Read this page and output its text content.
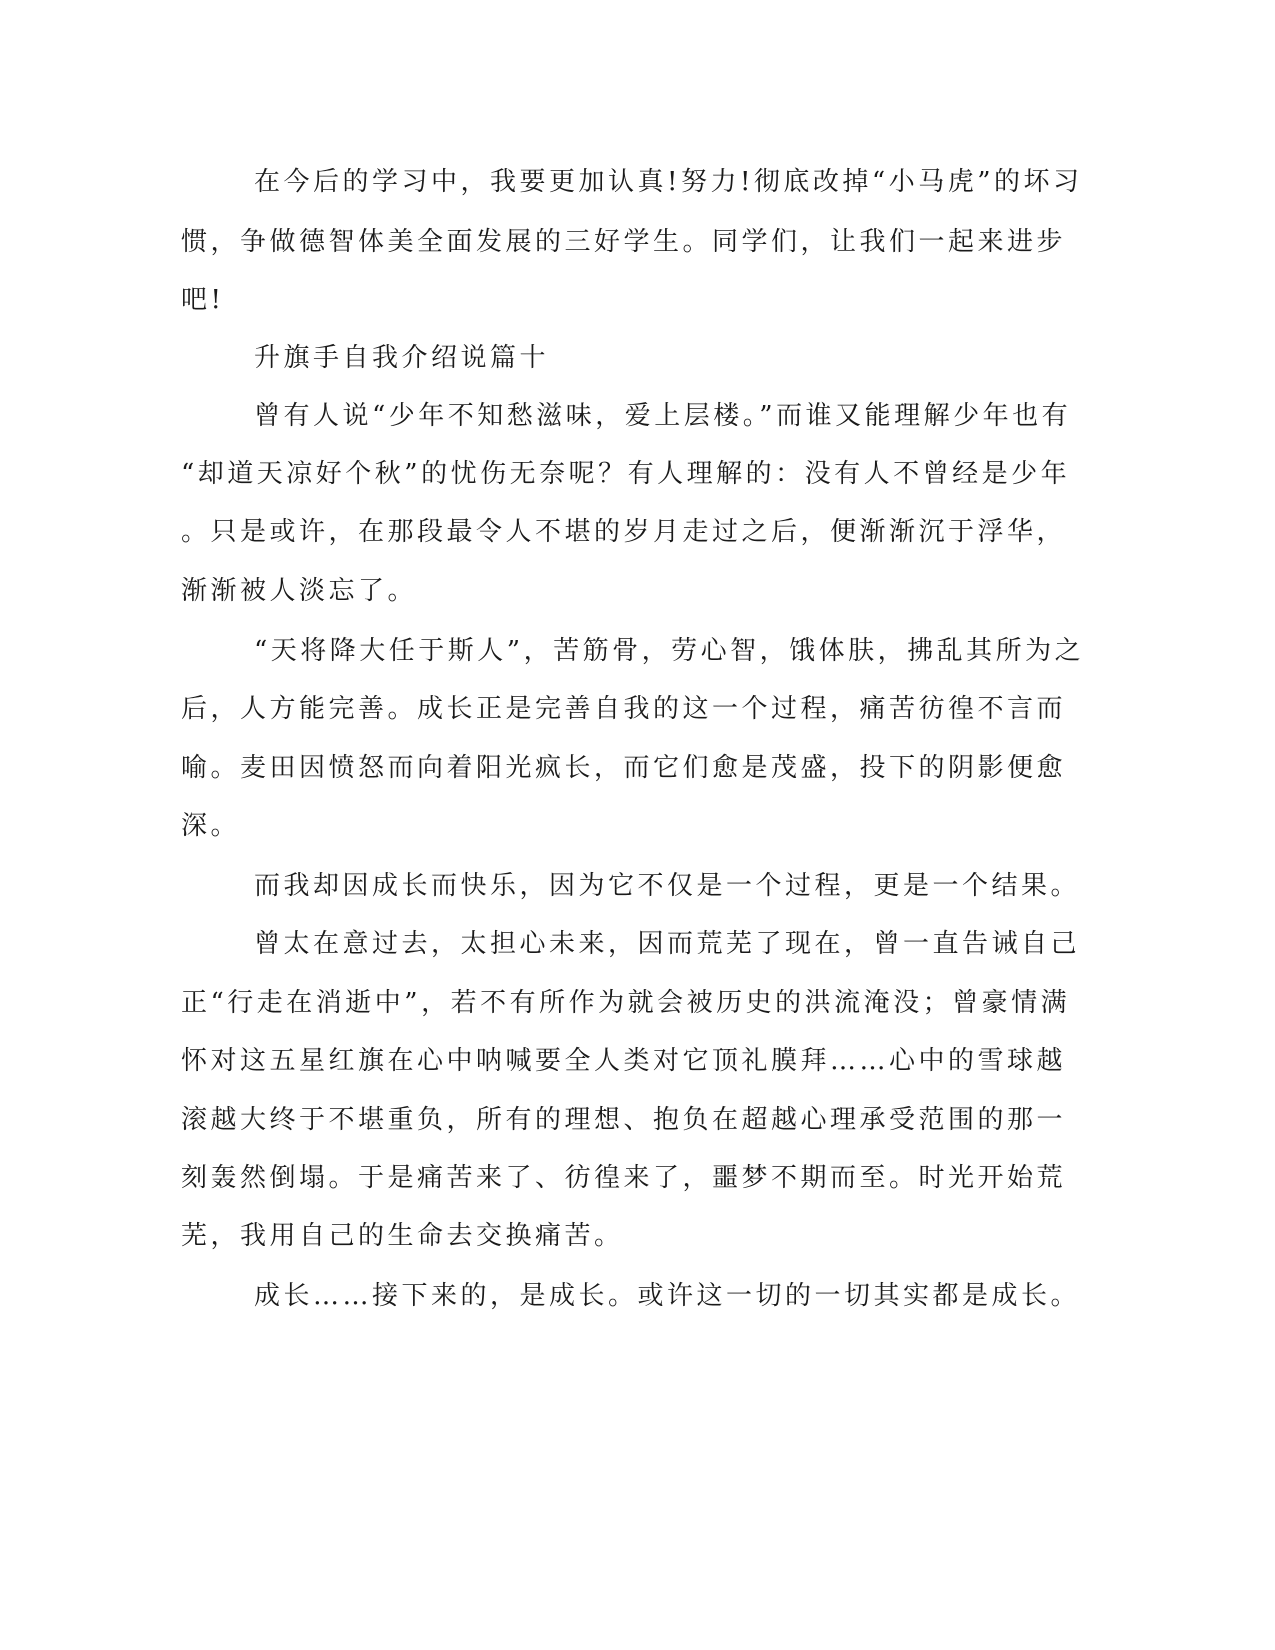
在今后的学习中，我要更加认真!努力!彻底改掉“小马虎”的坏习
惯，争做德智体美全面发展的三好学生。同学们，让我们一起来进步
吧!
升旗手自我介绍说篇十
曾有人说“少年不知愁滋味，爱上层楼。”而谁又能理解少年也有
“却道天凉好个秋”的忧伤无奈呢？有人理解的：没有人不曾经是少年
。只是或许，在那段最令人不堪的岁月走过之后，便渐渐沉于浮华，
渐渐被人淡忘了。
“天将降大任于斯人”，苦筋骨，劳心智，饿体肤，拂乱其所为之
后，人方能完善。成长正是完善自我的这一个过程，痛苦彷徨不言而
喻。麦田因愤怒而向着阳光疯长，而它们愈是茂盛，投下的阴影便愈
深。
而我却因成长而快乐，因为它不仅是一个过程，更是一个结果。
曾太在意过去，太担心未来，因而荒芜了现在，曾一直告诫自己
正“行走在消逝中”，若不有所作为就会被历史的洪流淹没；曾豪情满
怀对这五星红旗在心中呐喊要全人类对它顶礼膜拜……心中的雪球越
滚越大终于不堪重负，所有的理想、抱负在超越心理承受范围的那一
刻轰然倒塌。于是痛苦来了、彷徨来了，噩梦不期而至。时光开始荒
芜，我用自己的生命去交换痛苦。
成长……接下来的，是成长。或许这一切的一切其实都是成长。
